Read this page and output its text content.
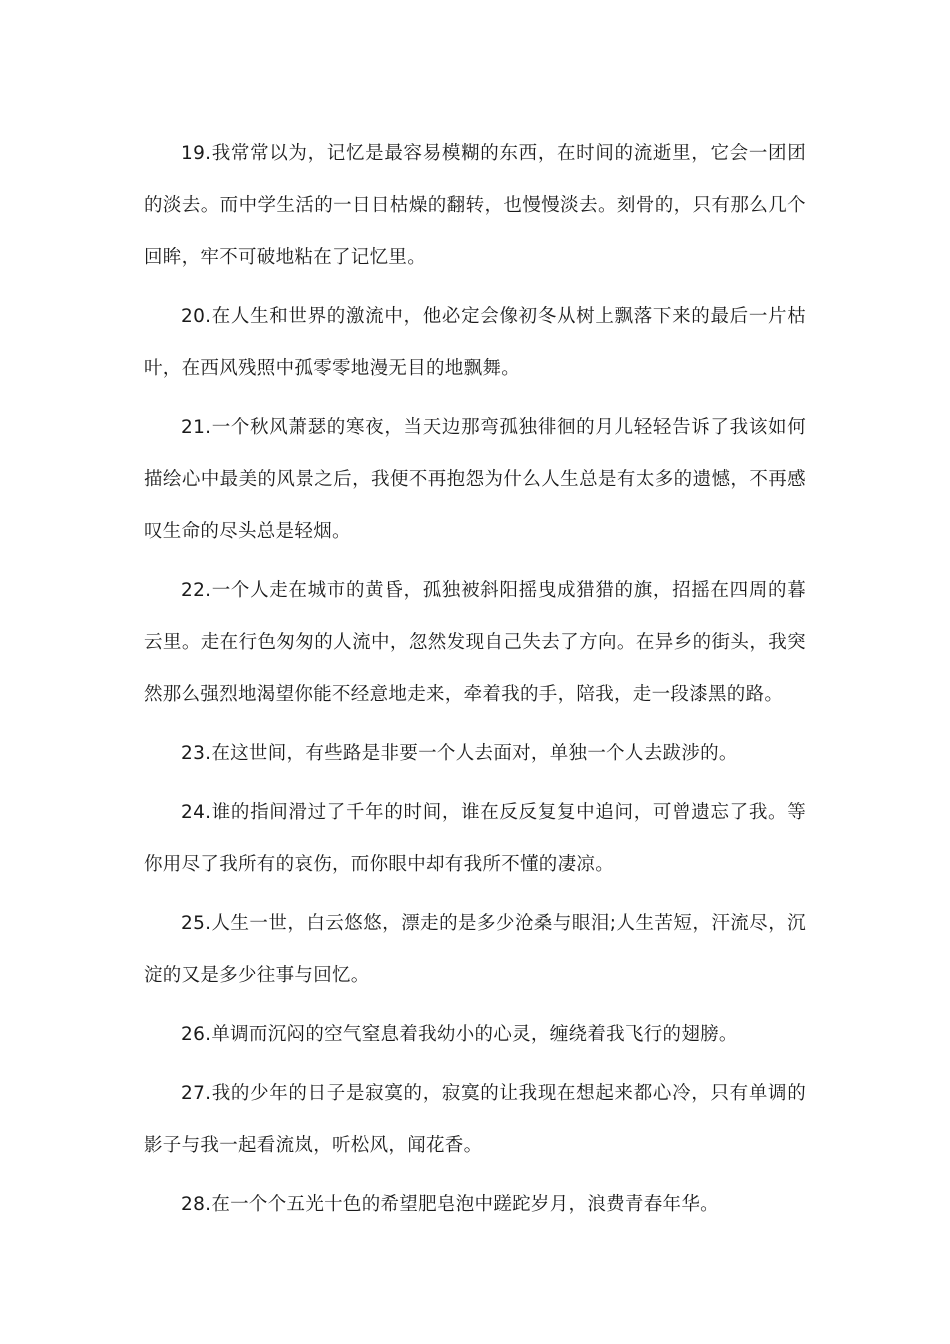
19.我常常以为，记忆是最容易模糊的东西，在时间的流逝里，它会一团团的淡去。而中学生活的一日日枯燥的翻转，也慢慢淡去。刻骨的，只有那么几个回眸，牢不可破地粘在了记忆里。

20.在人生和世界的激流中，他必定会像初冬从树上飘落下来的最后一片枯叶，在西风残照中孤零零地漫无目的地飘舞。

21.一个秋风萧瑟的寒夜，当天边那弯孤独徘徊的月儿轻轻告诉了我该如何描绘心中最美的风景之后，我便不再抱怨为什么人生总是有太多的遗憾，不再感叹生命的尽头总是轻烟。

22.一个人走在城市的黄昏，孤独被斜阳摇曳成猎猎的旗，招摇在四周的暮云里。走在行色匆匆的人流中，忽然发现自己失去了方向。在异乡的街头，我突然那么强烈地渴望你能不经意地走来，牵着我的手，陪我，走一段漆黑的路。

23.在这世间，有些路是非要一个人去面对，单独一个人去跋涉的。

24.谁的指间滑过了千年的时间，谁在反反复复中追问，可曾遗忘了我。等你用尽了我所有的哀伤，而你眼中却有我所不懂的凄凉。

25.人生一世，白云悠悠，漂走的是多少沧桑与眼泪;人生苦短，汗流尽，沉淀的又是多少往事与回忆。

26.单调而沉闷的空气窒息着我幼小的心灵，缠绕着我飞行的翅膀。

27.我的少年的日子是寂寞的，寂寞的让我现在想起来都心冷，只有单调的影子与我一起看流岚，听松风，闻花香。

28.在一个个五光十色的希望肥皂泡中蹉跎岁月，浪费青春年华。
